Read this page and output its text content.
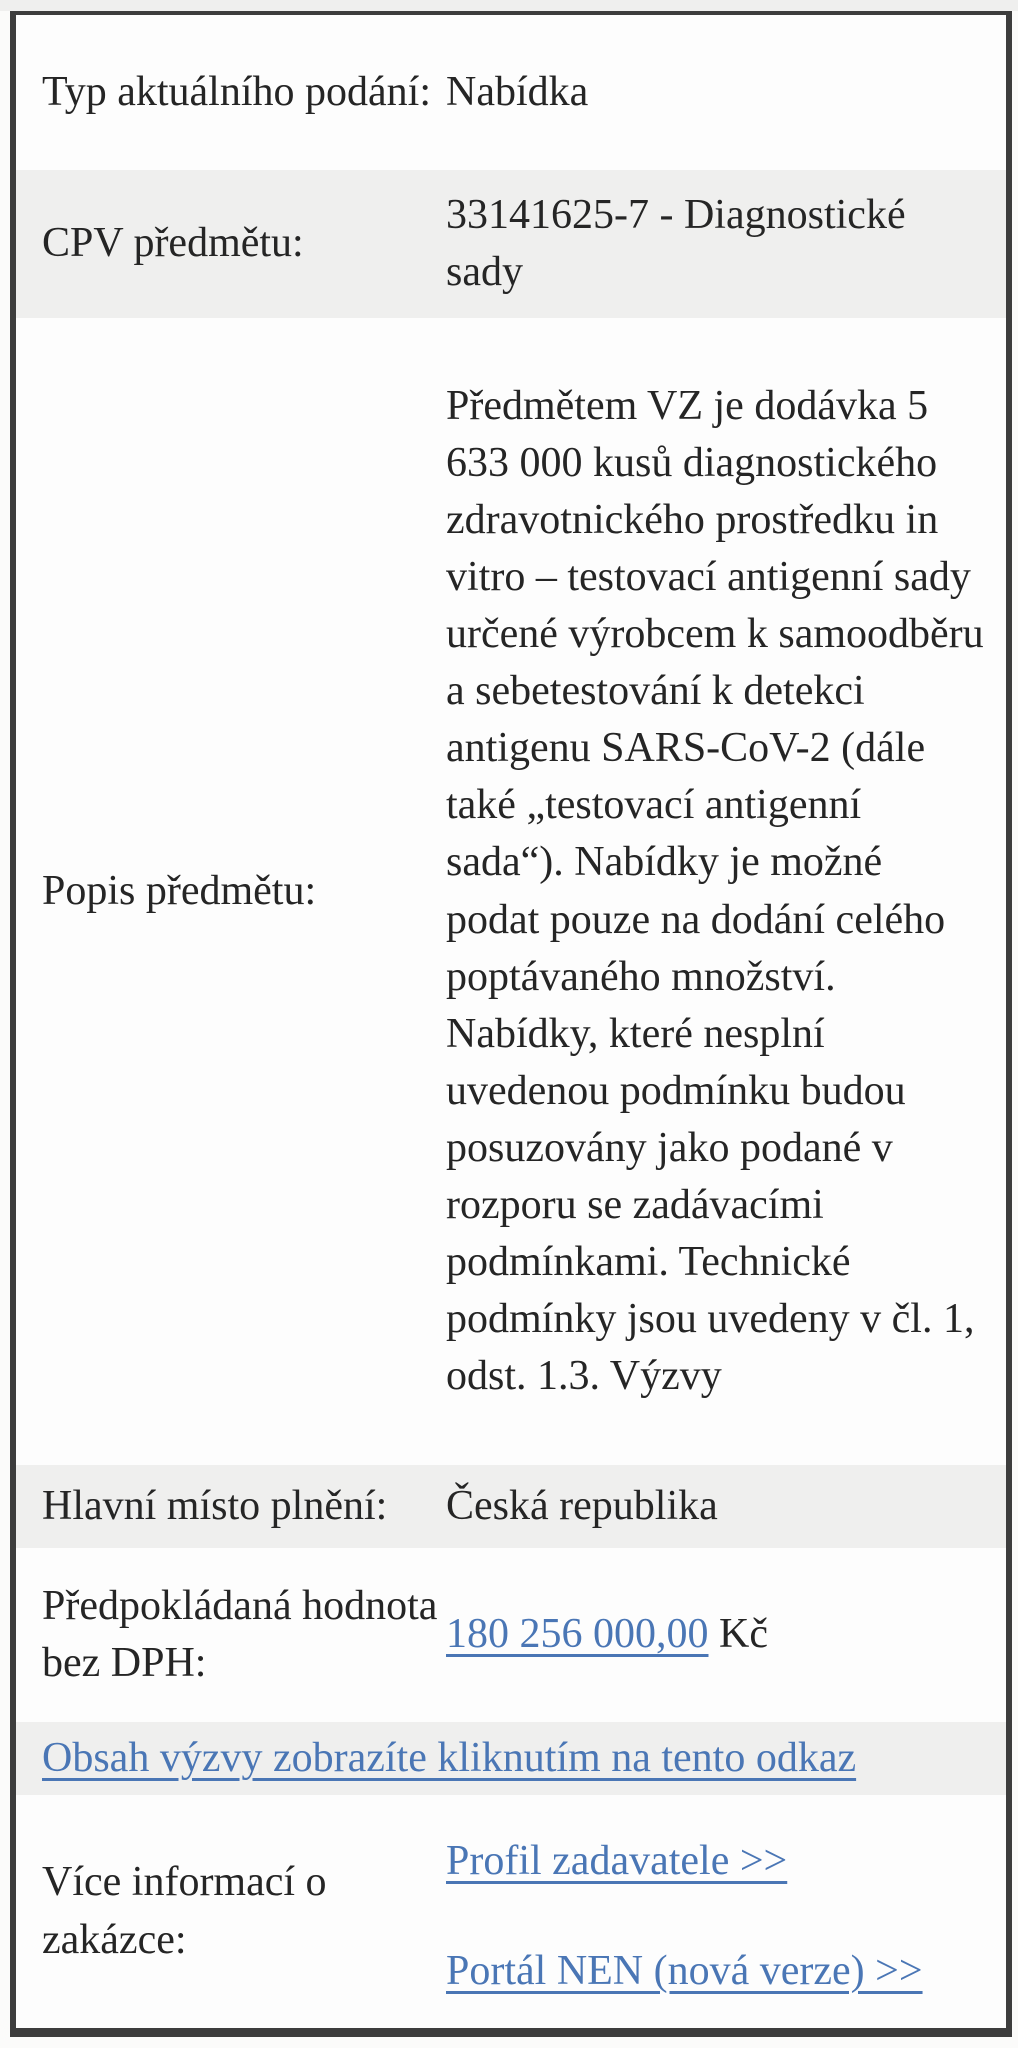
Typ aktuálního podání: Nabídka
CPV předmětu:
33141625-7 - Diagnostické sady
Popis předmětu:
Předmětem VZ je dodávka 5 633 000 kusů diagnostického zdravotnického prostředku in vitro – testovací antigenní sady určené výrobcem k samoodběru a sebetestování k detekci antigenu SARS-CoV-2 (dále také „testovací antigenní sada“). Nabídky je možné podat pouze na dodání celého poptávaného množství. Nabídky, které nesplní uvedenou podmínku budou posuzovány jako podané v rozporu se zadávacími podmínkami. Technické podmínky jsou uvedeny v čl. 1, odst. 1.3. Výzvy
Hlavní místo plnění:	Česká republika
Předpokládaná hodnota bez DPH:
180 256 000,00 Kč
Obsah výzvy zobrazíte kliknutím na tento odkaz
Více informací o zakázce:
Profil zadavatele >>
Portál NEN (nová verze) >>
